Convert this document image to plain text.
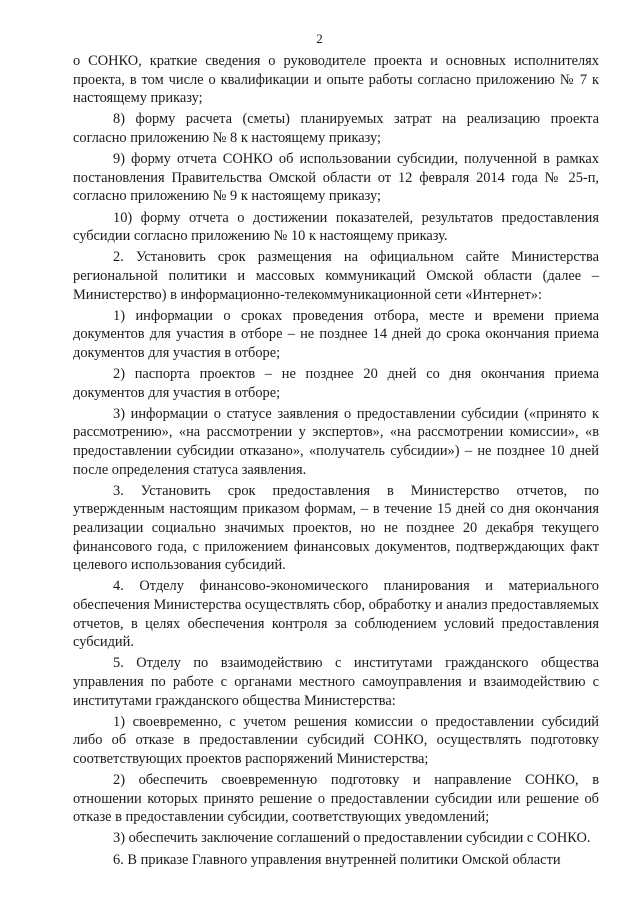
2

о СОНКО, краткие сведения о руководителе проекта и основных исполнителях проекта, в том числе о квалификации и опыте работы согласно приложению № 7 к настоящему приказу;

8) форму расчета (сметы) планируемых затрат на реализацию проекта согласно приложению № 8 к настоящему приказу;

9) форму отчета СОНКО об использовании субсидии, полученной в рамках постановления Правительства Омской области от 12 февраля 2014 года № 25-п, согласно приложению № 9 к настоящему приказу;

10) форму отчета о достижении показателей, результатов предоставления субсидии согласно приложению № 10 к настоящему приказу.

2. Установить срок размещения на официальном сайте Министерства региональной политики и массовых коммуникаций Омской области (далее – Министерство) в информационно-телекоммуникационной сети «Интернет»:

1) информации о сроках проведения отбора, месте и времени приема документов для участия в отборе – не позднее 14 дней до срока окончания приема документов для участия в отборе;

2) паспорта проектов – не позднее 20 дней со дня окончания приема документов для участия в отборе;

3) информации о статусе заявления о предоставлении субсидии («принято к рассмотрению», «на рассмотрении у экспертов», «на рассмотрении комиссии», «в предоставлении субсидии отказано», «получатель субсидии») – не позднее 10 дней после определения статуса заявления.

3. Установить срок предоставления в Министерство отчетов, по утвержденным настоящим приказом формам, – в течение 15 дней со дня окончания реализации социально значимых проектов, но не позднее 20 декабря текущего финансового года, с приложением финансовых документов, подтверждающих факт целевого использования субсидий.

4. Отделу финансово-экономического планирования и материального обеспечения Министерства осуществлять сбор, обработку и анализ предоставляемых отчетов, в целях обеспечения контроля за соблюдением условий предоставления субсидий.

5. Отделу по взаимодействию с институтами гражданского общества управления по работе с органами местного самоуправления и взаимодействию с институтами гражданского общества Министерства:

1) своевременно, с учетом решения комиссии о предоставлении субсидий либо об отказе в предоставлении субсидий СОНКО, осуществлять подготовку соответствующих проектов распоряжений Министерства;

2) обеспечить своевременную подготовку и направление СОНКО, в отношении которых принято решение о предоставлении субсидии или решение об отказе в предоставлении субсидии, соответствующих уведомлений;

3) обеспечить заключение соглашений о предоставлении субсидии с СОНКО.

6. В приказе Главного управления внутренней политики Омской области
